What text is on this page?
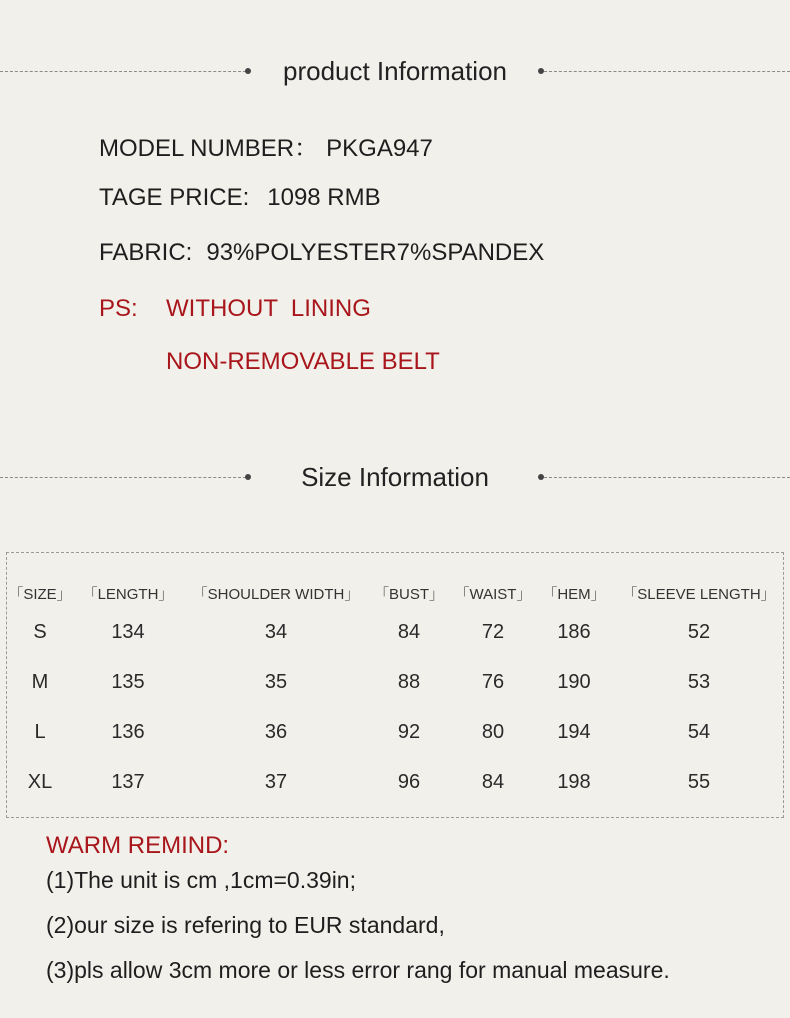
product Information
MODEL NUMBER： PKGA947
TAGE PRICE: 1098 RMB
FABRIC: 93%POLYESTER7%SPANDEX
PS: WITHOUT  LINING
NON-REMOVABLE BELT
Size Information
「SIZE」	「LENGTH」	「SHOULDER WIDTH」	「BUST」	「WAIST」	「HEM」	「SLEEVE LENGTH」
S	134	34	84	72	186	52
M	135	35	88	76	190	53
L	136	36	92	80	194	54
XL	137	37	96	84	198	55
WARM REMIND:
(1)The unit is cm ,1cm=0.39in;
(2)our size is refering to EUR standard,
(3)pls allow 3cm more or less error rang for manual measure.
